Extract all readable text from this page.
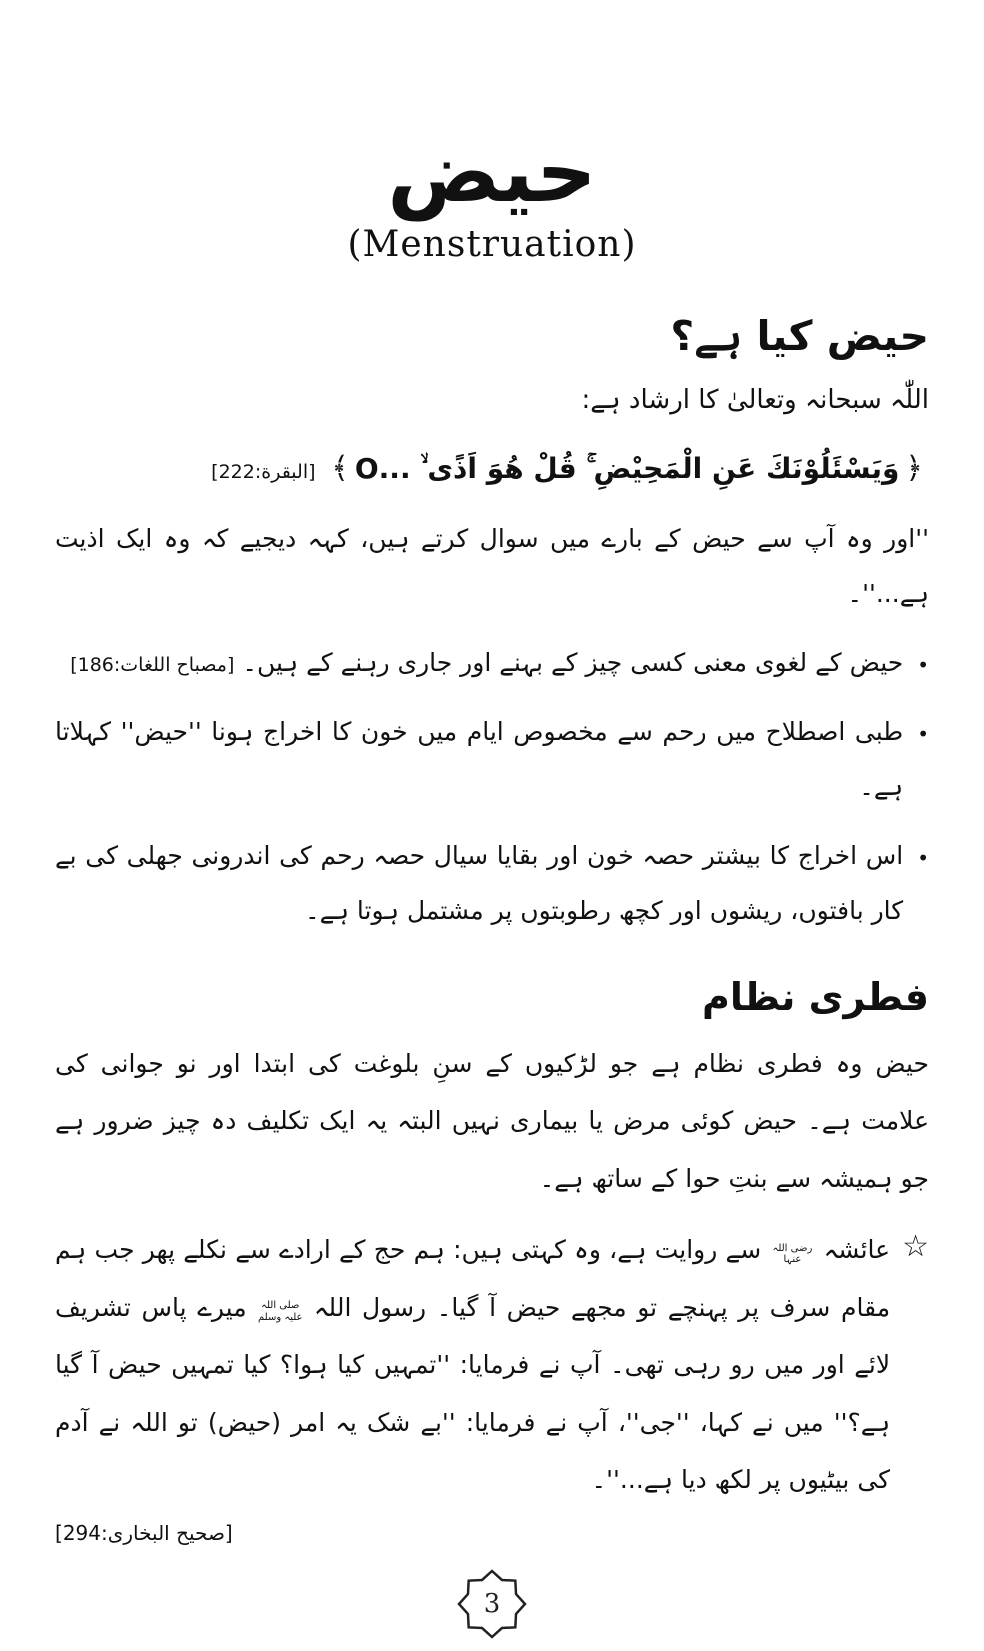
حيض
(Menstruation)
حیض کیا ہے؟
اللّٰہ سبحانہ وتعالیٰ کا ارشاد ہے:
﴿وَيَسْئَلُوْنَكَ عَنِ الْمَحِيْضِ ۚ قُلْ هُوَ اَذًى ۙ ...O﴾ [البقرة:222]
''اور وہ آپ سے حیض کے بارے میں سوال کرتے ہیں، کہہ دیجیے کہ وہ ایک اذیت ہے...''۔
•
حیض کے لغوی معنی کسی چیز کے بہنے اور جاری رہنے کے ہیں۔ [مصباح اللغات:186]
•
طبی اصطلاح میں رحم سے مخصوص ایام میں خون کا اخراج ہونا ''حیض'' کہلاتا ہے۔
•
اس اخراج کا بیشتر حصہ خون اور بقایا سیال حصہ رحم کی اندرونی جھلی کی بے کار بافتوں، ریشوں اور کچھ رطوبتوں پر مشتمل ہوتا ہے۔
فطری نظام
حیض وہ فطری نظام ہے جو لڑکیوں کے سنِ بلوغت کی ابتدا اور نو جوانی کی علامت ہے۔ حیض کوئی مرض یا بیماری نہیں البتہ یہ ایک تکلیف دہ چیز ضرور ہے جو ہمیشہ سے بنتِ حوا کے ساتھ ہے۔
☆
عائشہ رضی اللہ عنہا سے روایت ہے، وہ کہتی ہیں: ہم حج کے ارادے سے نکلے پھر جب ہم مقام سرف پر پہنچے تو مجھے حیض آ گیا۔ رسول اللہ صلی اللہ علیہ وسلم میرے پاس تشریف لائے اور میں رو رہی تھی۔ آپ نے فرمایا: ''تمہیں کیا ہوا؟ کیا تمہیں حیض آ گیا ہے؟'' میں نے کہا، ''جی''، آپ نے فرمایا: ''بے شک یہ امر (حیض) تو اللہ نے آدم کی بیٹیوں پر لکھ دیا ہے...''۔
[صحيح البخاری:294]
3
